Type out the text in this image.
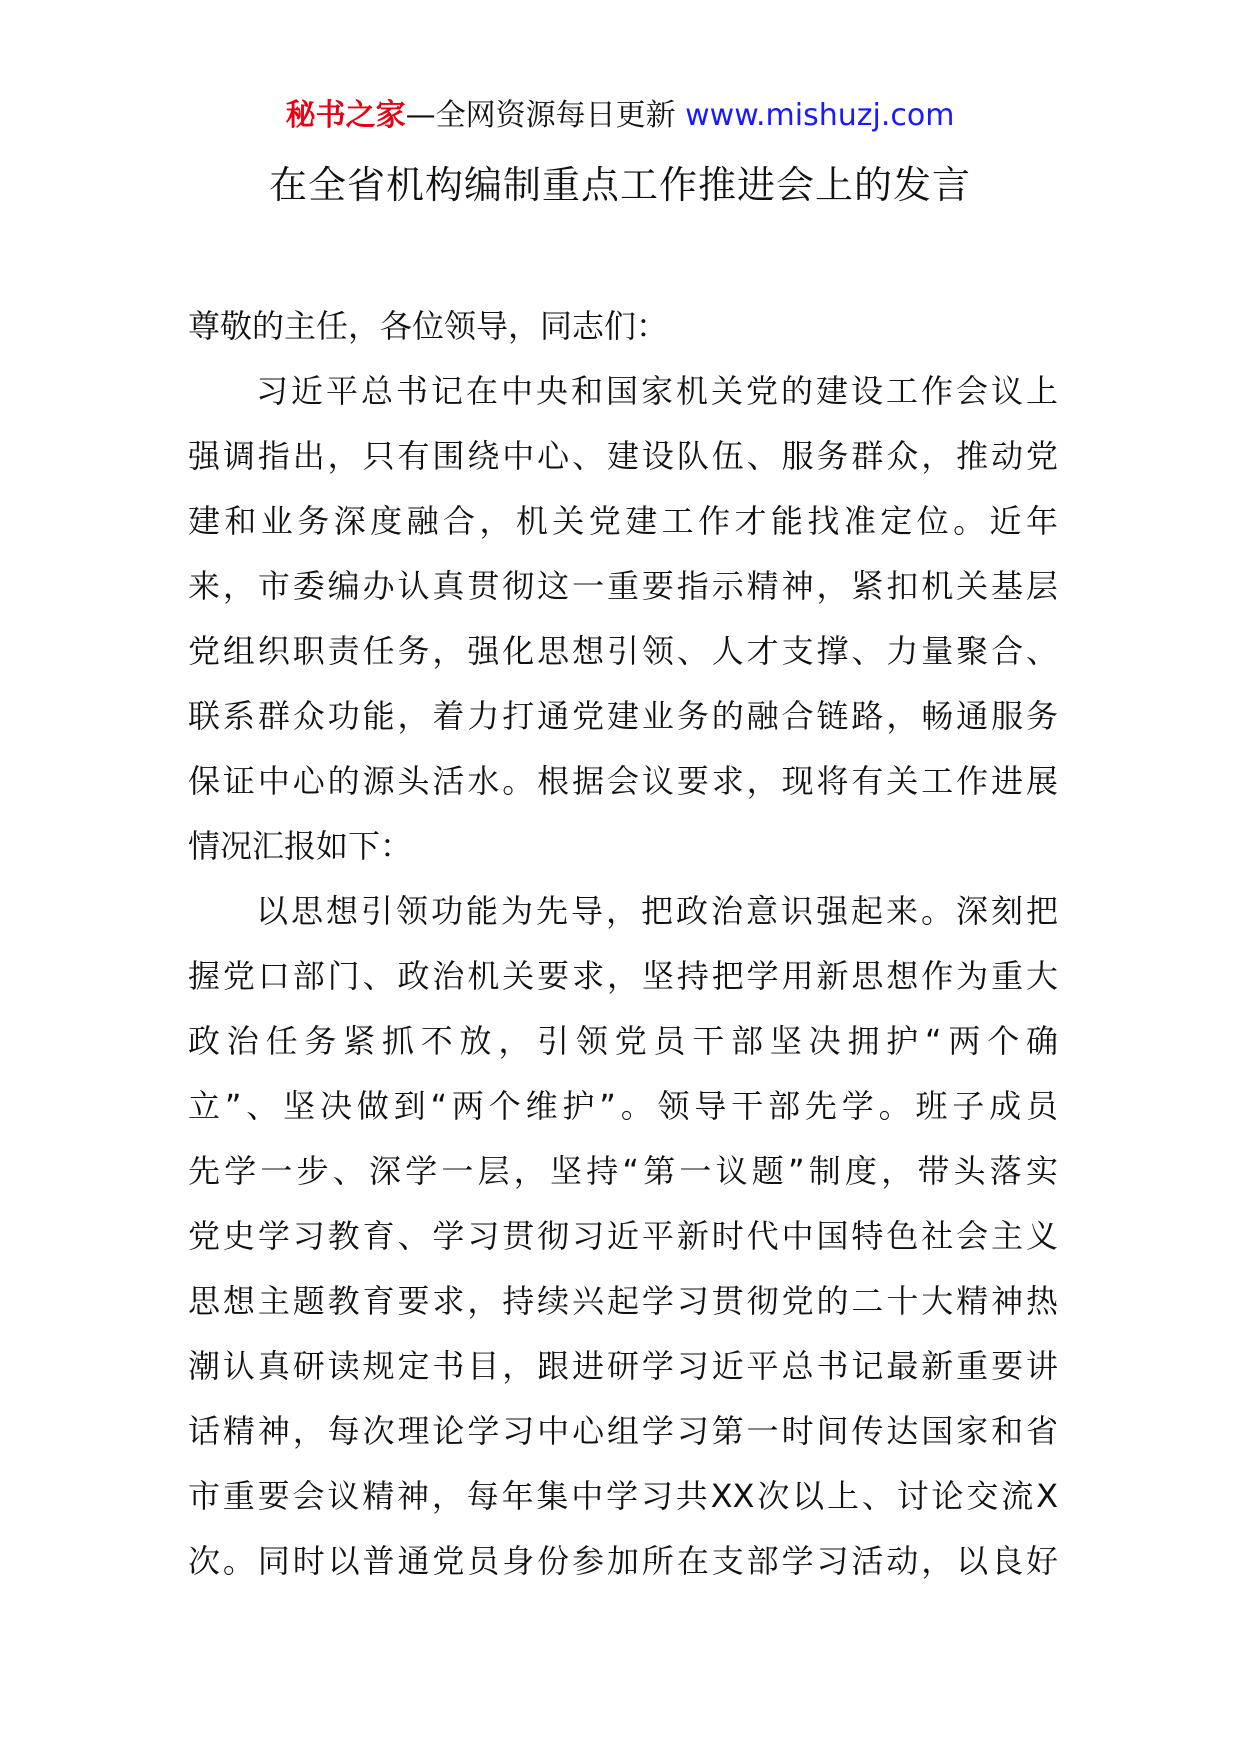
秘书之家—全网资源每日更新 www.mishuzj.com
在全省机构编制重点工作推进会上的发言
尊敬的主任，各位领导，同志们：
习近平总书记在中央和国家机关党的建设工作会议上
强调指出，只有围绕中心、建设队伍、服务群众，推动党
建和业务深度融合，机关党建工作才能找准定位。近年
来，市委编办认真贯彻这一重要指示精神，紧扣机关基层
党组织职责任务，强化思想引领、人才支撑、力量聚合、
联系群众功能，着力打通党建业务的融合链路，畅通服务
保证中心的源头活水。根据会议要求，现将有关工作进展
情况汇报如下：
以思想引领功能为先导，把政治意识强起来。深刻把
握党口部门、政治机关要求，坚持把学用新思想作为重大
政治任务紧抓不放，引领党员干部坚决拥护“两个确
立”、坚决做到“两个维护”。领导干部先学。班子成员
先学一步、深学一层，坚持“第一议题”制度，带头落实
党史学习教育、学习贯彻习近平新时代中国特色社会主义
思想主题教育要求，持续兴起学习贯彻党的二十大精神热
潮认真研读规定书目，跟进研学习近平总书记最新重要讲
话精神，每次理论学习中心组学习第一时间传达国家和省
市重要会议精神，每年集中学习共XX次以上、讨论交流X
次。同时以普通党员身份参加所在支部学习活动，以良好
